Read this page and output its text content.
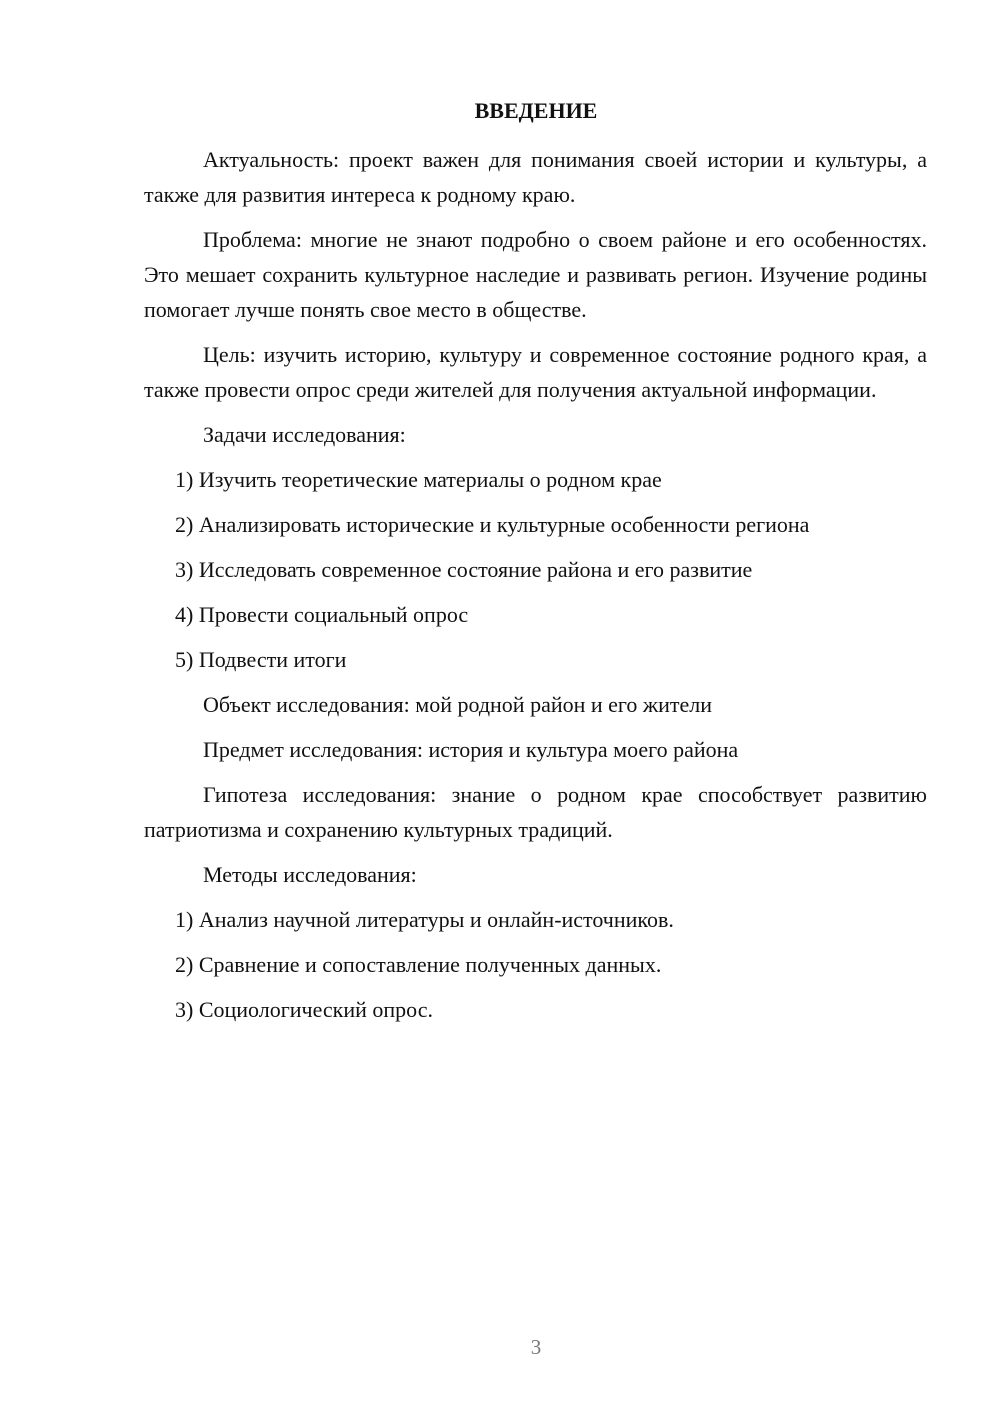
ВВЕДЕНИЕ

Актуальность: проект важен для понимания своей истории и культуры, а также для развития интереса к родному краю.

Проблема: многие не знают подробно о своем районе и его особенностях. Это мешает сохранить культурное наследие и развивать регион. Изучение родины помогает лучше понять свое место в обществе.

Цель: изучить историю, культуру и современное состояние родного края, а также провести опрос среди жителей для получения актуальной информации.

Задачи исследования:

1) Изучить теоретические материалы о родном крае

2) Анализировать исторические и культурные особенности региона

3) Исследовать современное состояние района и его развитие

4) Провести социальный опрос

5) Подвести итоги

Объект исследования: мой родной район и его жители

Предмет исследования: история и культура моего района

Гипотеза исследования: знание о родном крае способствует развитию патриотизма и сохранению культурных традиций.

Методы исследования:

1) Анализ научной литературы и онлайн-источников.

2) Сравнение и сопоставление полученных данных.

3) Социологический опрос.

3
